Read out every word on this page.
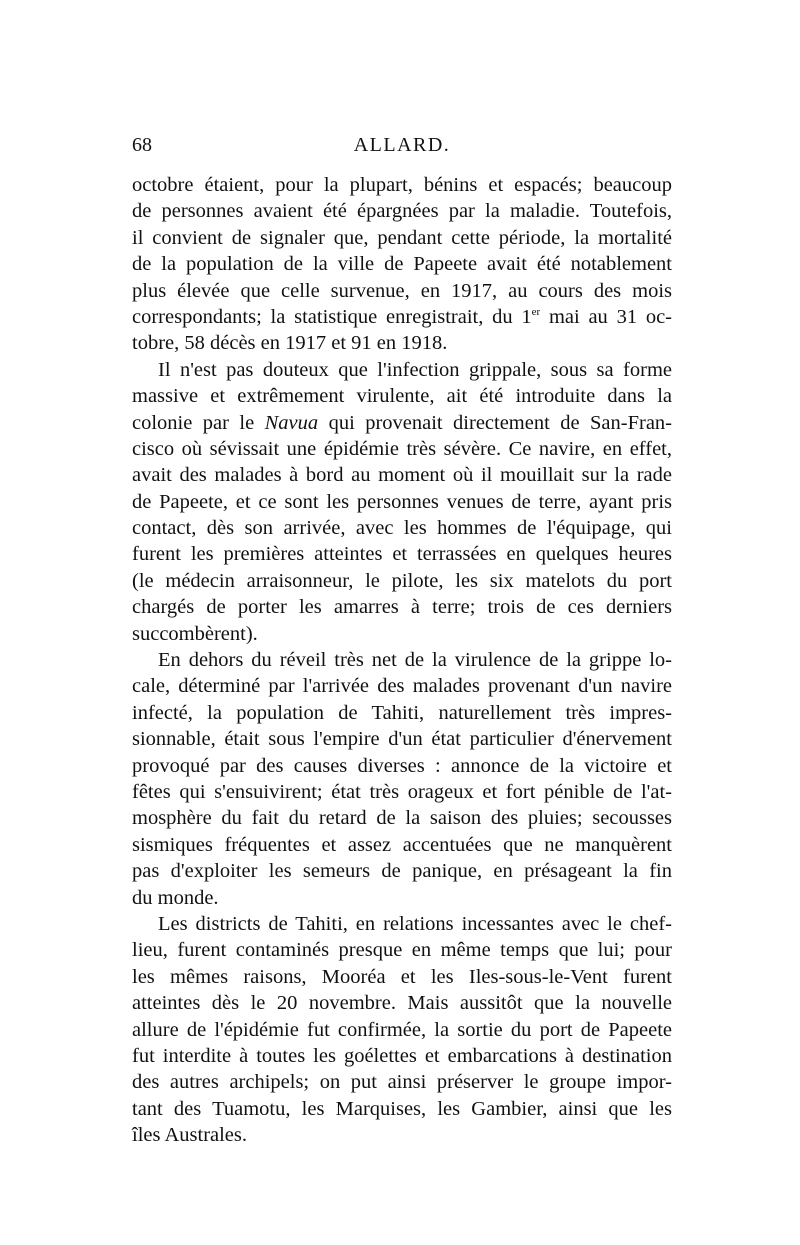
68	ALLARD.
octobre étaient, pour la plupart, bénins et espacés; beaucoup
de personnes avaient été épargnées par la maladie. Toutefois,
il convient de signaler que, pendant cette période, la mortalité
de la population de la ville de Papeete avait été notablement
plus élevée que celle survenue, en 1917, au cours des mois
correspondants; la statistique enregistrait, du 1er mai au 31 oc-
tobre, 58 décès en 1917 et 91 en 1918.
Il n'est pas douteux que l'infection grippale, sous sa forme
massive et extrêmement virulente, ait été introduite dans la
colonie par le Navua qui provenait directement de San-Fran-
cisco où sévissait une épidémie très sévère. Ce navire, en effet,
avait des malades à bord au moment où il mouillait sur la rade
de Papeete, et ce sont les personnes venues de terre, ayant pris
contact, dès son arrivée, avec les hommes de l'équipage, qui
furent les premières atteintes et terrassées en quelques heures
(le médecin arraisonneur, le pilote, les six matelots du port
chargés de porter les amarres à terre; trois de ces derniers
succombèrent).
En dehors du réveil très net de la virulence de la grippe lo-
cale, déterminé par l'arrivée des malades provenant d'un navire
infecté, la population de Tahiti, naturellement très impres-
sionnable, était sous l'empire d'un état particulier d'énervement
provoqué par des causes diverses : annonce de la victoire et
fêtes qui s'ensuivirent; état très orageux et fort pénible de l'at-
mosphère du fait du retard de la saison des pluies; secousses
sismiques fréquentes et assez accentuées que ne manquèrent
pas d'exploiter les semeurs de panique, en présageant la fin
du monde.
Les districts de Tahiti, en relations incessantes avec le chef-
lieu, furent contaminés presque en même temps que lui; pour
les mêmes raisons, Mooréa et les Iles-sous-le-Vent furent
atteintes dès le 20 novembre. Mais aussitôt que la nouvelle
allure de l'épidémie fut confirmée, la sortie du port de Papeete
fut interdite à toutes les goélettes et embarcations à destination
des autres archipels; on put ainsi préserver le groupe impor-
tant des Tuamotu, les Marquises, les Gambier, ainsi que les
îles Australes.
